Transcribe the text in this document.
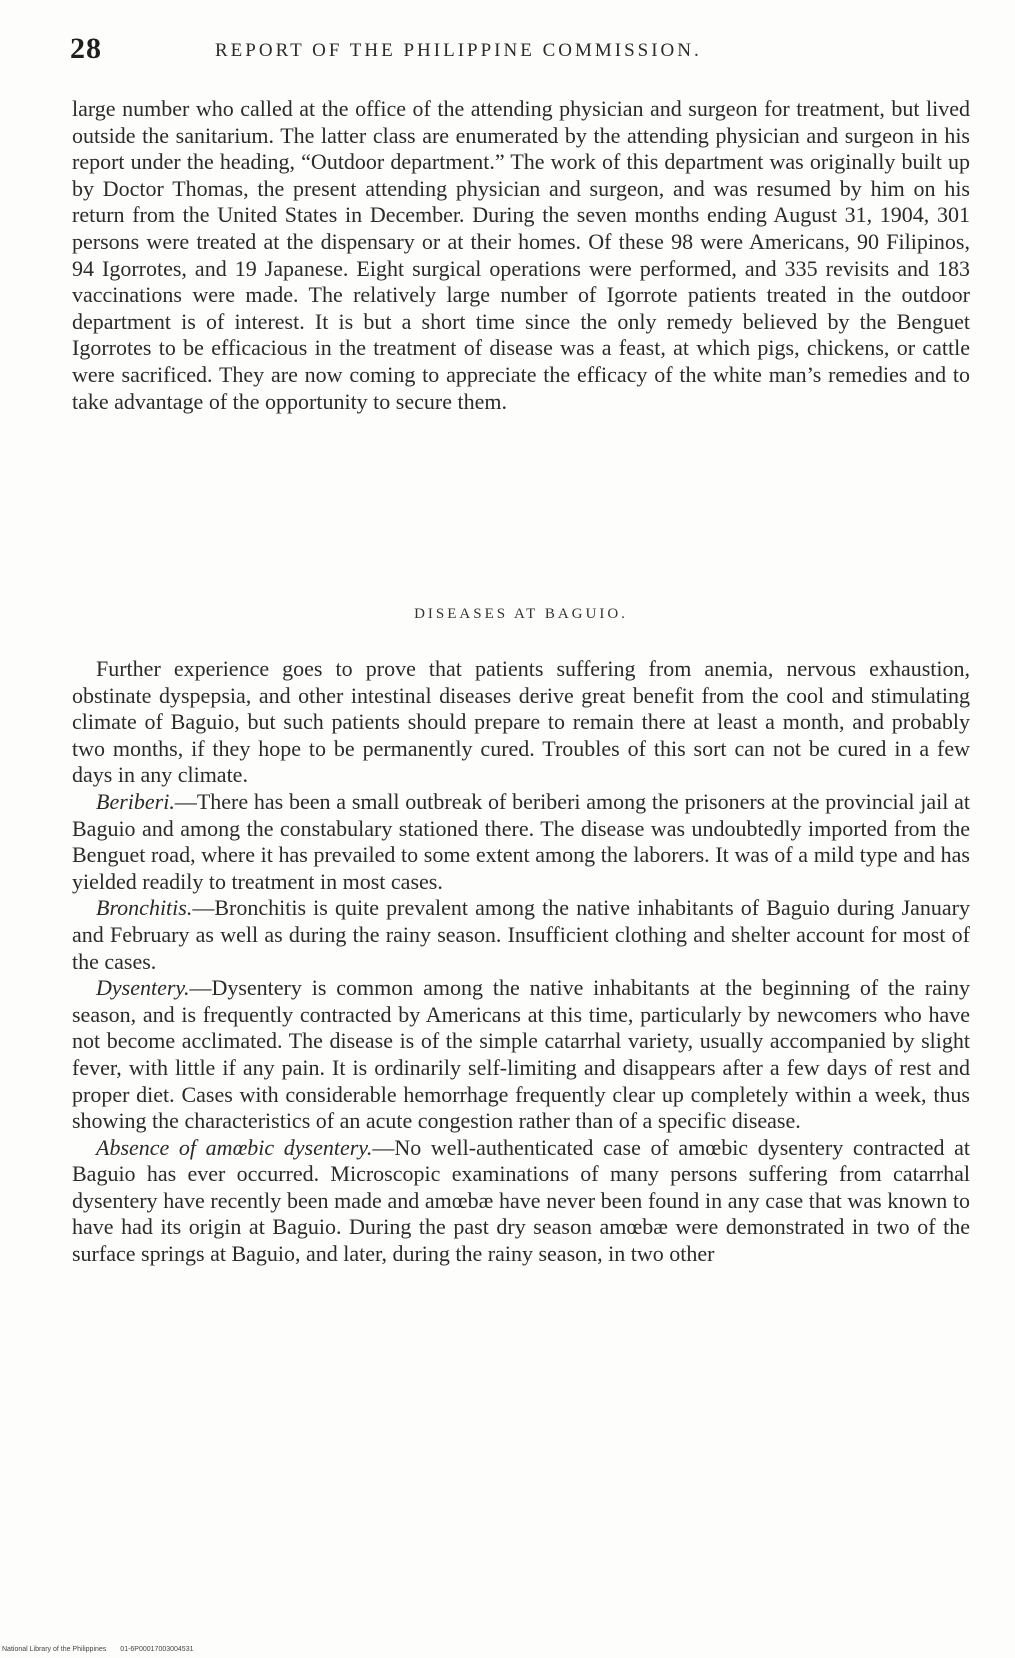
28	REPORT OF THE PHILIPPINE COMMISSION.

large number who called at the office of the attending physician and surgeon for treatment, but lived outside the sanitarium. The latter class are enumerated by the attending physician and surgeon in his report under the heading, “Outdoor department.” The work of this department was originally built up by Doctor Thomas, the present attending physician and surgeon, and was resumed by him on his return from the United States in December. During the seven months ending August 31, 1904, 301 persons were treated at the dispensary or at their homes. Of these 98 were Americans, 90 Filipinos, 94 Igorrotes, and 19 Japanese. Eight surgical operations were performed, and 335 revisits and 183 vaccinations were made. The relatively large number of Igorrote patients treated in the outdoor department is of interest. It is but a short time since the only remedy believed by the Benguet Igorrotes to be efficacious in the treatment of disease was a feast, at which pigs, chickens, or cattle were sacrificed. They are now coming to appreciate the efficacy of the white man’s remedies and to take advantage of the opportunity to secure them.

DISEASES AT BAGUIO.

Further experience goes to prove that patients suffering from anemia, nervous exhaustion, obstinate dyspepsia, and other intestinal diseases derive great benefit from the cool and stimulating climate of Baguio, but such patients should prepare to remain there at least a month, and probably two months, if they hope to be permanently cured. Troubles of this sort can not be cured in a few days in any climate.

Beriberi.—There has been a small outbreak of beriberi among the prisoners at the provincial jail at Baguio and among the constabulary stationed there. The disease was undoubtedly imported from the Benguet road, where it has prevailed to some extent among the laborers. It was of a mild type and has yielded readily to treatment in most cases.

Bronchitis.—Bronchitis is quite prevalent among the native inhabitants of Baguio during January and February as well as during the rainy season. Insufficient clothing and shelter account for most of the cases.

Dysentery.—Dysentery is common among the native inhabitants at the beginning of the rainy season, and is frequently contracted by Americans at this time, particularly by newcomers who have not become acclimated. The disease is of the simple catarrhal variety, usually accompanied by slight fever, with little if any pain. It is ordinarily self-limiting and disappears after a few days of rest and proper diet. Cases with considerable hemorrhage frequently clear up completely within a week, thus showing the characteristics of an acute congestion rather than of a specific disease.

Absence of amœbic dysentery.—No well-authenticated case of amœbic dysentery contracted at Baguio has ever occurred. Microscopic examinations of many persons suffering from catarrhal dysentery have recently been made and amœbæ have never been found in any case that was known to have had its origin at Baguio. During the past dry season amœbæ were demonstrated in two of the surface springs at Baguio, and later, during the rainy season, in two other

National Library of the Philippines 01-6P00017003004531
